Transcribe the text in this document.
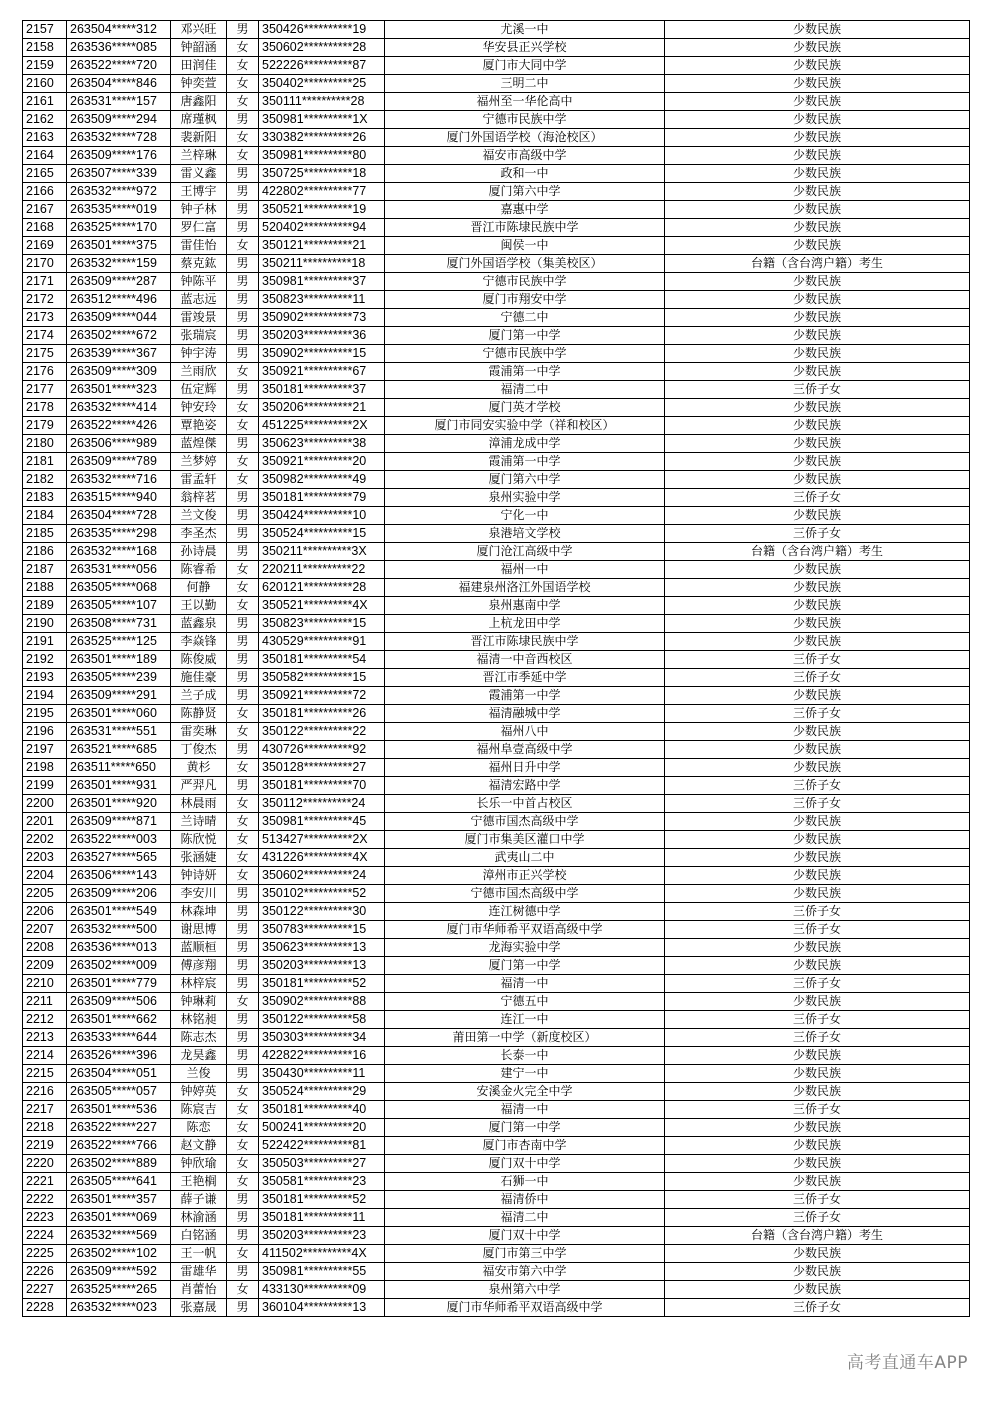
2157	263504*****312	邓兴旺	男	350426**********19	尤溪一中	少数民族
2158	263536*****085	钟韶涵	女	350602**********28	华安县正兴学校	少数民族
2159	263522*****720	田润佳	女	522226**********87	厦门市大同中学	少数民族
2160	263504*****846	钟奕萱	女	350402**********25	三明二中	少数民族
2161	263531*****157	唐鑫阳	女	350111**********28	福州至一华伦高中	少数民族
2162	263509*****294	席瑾枫	男	350981**********1X	宁德市民族中学	少数民族
2163	263532*****728	裴新阳	女	330382**********26	厦门外国语学校（海沧校区）	少数民族
2164	263509*****176	兰梓琳	女	350981**********80	福安市高级中学	少数民族
2165	263507*****339	雷义鑫	男	350725**********18	政和一中	少数民族
2166	263532*****972	王博宇	男	422802**********77	厦门第六中学	少数民族
2167	263535*****019	钟子林	男	350521**********19	嘉惠中学	少数民族
2168	263525*****170	罗仁富	男	520402**********94	晋江市陈埭民族中学	少数民族
2169	263501*****375	雷佳怡	女	350121**********21	闽侯一中	少数民族
2170	263532*****159	蔡克鈜	男	350211**********18	厦门外国语学校（集美校区）	台籍（含台湾户籍）考生
2171	263509*****287	钟陈平	男	350981**********37	宁德市民族中学	少数民族
2172	263512*****496	蓝志远	男	350823**********11	厦门市翔安中学	少数民族
2173	263509*****044	雷竣景	男	350902**********73	宁德二中	少数民族
2174	263502*****672	张瑞宸	男	350203**********36	厦门第一中学	少数民族
2175	263539*****367	钟宇涛	男	350902**********15	宁德市民族中学	少数民族
2176	263509*****309	兰雨欣	女	350921**********67	霞浦第一中学	少数民族
2177	263501*****323	伍定辉	男	350181**********37	福清二中	三侨子女
2178	263532*****414	钟安玲	女	350206**********21	厦门英才学校	少数民族
2179	263522*****426	覃艳姿	女	451225**********2X	厦门市同安实验中学（祥和校区）	少数民族
2180	263506*****989	蓝煌傑	男	350623**********38	漳浦龙成中学	少数民族
2181	263509*****789	兰梦婷	女	350921**********20	霞浦第一中学	少数民族
2182	263532*****716	雷孟轩	女	350982**********49	厦门第六中学	少数民族
2183	263515*****940	翁梓茗	男	350181**********79	泉州实验中学	三侨子女
2184	263504*****728	兰文俊	男	350424**********10	宁化一中	少数民族
2185	263535*****298	李圣杰	男	350524**********15	泉港培文学校	三侨子女
2186	263532*****168	孙诗晨	男	350211**********3X	厦门沧江高级中学	台籍（含台湾户籍）考生
2187	263531*****056	陈睿希	女	220211**********22	福州一中	少数民族
2188	263505*****068	何静	女	620121**********28	福建泉州洛江外国语学校	少数民族
2189	263505*****107	王以勤	女	350521**********4X	泉州惠南中学	少数民族
2190	263508*****731	蓝鑫泉	男	350823**********15	上杭龙田中学	少数民族
2191	263525*****125	李焱锋	男	430529**********91	晋江市陈埭民族中学	少数民族
2192	263501*****189	陈俊威	男	350181**********54	福清一中音西校区	三侨子女
2193	263505*****239	施佳豪	男	350582**********15	晋江市季延中学	三侨子女
2194	263509*****291	兰子成	男	350921**********72	霞浦第一中学	少数民族
2195	263501*****060	陈静贤	女	350181**********26	福清融城中学	三侨子女
2196	263531*****551	雷奕琳	女	350122**********22	福州八中	少数民族
2197	263521*****685	丁俊杰	男	430726**********92	福州阜壹高级中学	少数民族
2198	263511*****650	黄杉	女	350128**********27	福州日升中学	少数民族
2199	263501*****931	严羿凡	男	350181**********70	福清宏路中学	三侨子女
2200	263501*****920	林晨雨	女	350112**********24	长乐一中首占校区	三侨子女
2201	263509*****871	兰诗晴	女	350981**********45	宁德市国杰高级中学	少数民族
2202	263522*****003	陈欣悦	女	513427**********2X	厦门市集美区灌口中学	少数民族
2203	263527*****565	张涵婕	女	431226**********4X	武夷山二中	少数民族
2204	263506*****143	钟诗妍	女	350602**********24	漳州市正兴学校	少数民族
2205	263509*****206	李安川	男	350102**********52	宁德市国杰高级中学	少数民族
2206	263501*****549	林森坤	男	350122**********30	连江树德中学	三侨子女
2207	263532*****500	谢思博	男	350783**********15	厦门市华师希平双语高级中学	三侨子女
2208	263536*****013	蓝顺桓	男	350623**********13	龙海实验中学	少数民族
2209	263502*****009	傅彦翔	男	350203**********13	厦门第一中学	少数民族
2210	263501*****779	林梓宸	男	350181**********52	福清一中	三侨子女
2211	263509*****506	钟琳莉	女	350902**********88	宁德五中	少数民族
2212	263501*****662	林铭昶	男	350122**********58	连江一中	三侨子女
2213	263533*****644	陈志杰	男	350303**********34	莆田第一中学（新度校区）	三侨子女
2214	263526*****396	龙昊鑫	男	422822**********16	长泰一中	少数民族
2215	263504*****051	兰俊	男	350430**********11	建宁一中	少数民族
2216	263505*****057	钟婷英	女	350524**********29	安溪金火完全中学	少数民族
2217	263501*****536	陈宸吉	女	350181**********40	福清一中	三侨子女
2218	263522*****227	陈恋	女	500241**********20	厦门第一中学	少数民族
2219	263522*****766	赵文静	女	522422**********81	厦门市杏南中学	少数民族
2220	263502*****889	钟欣瑜	女	350503**********27	厦门双十中学	少数民族
2221	263505*****641	王艳榈	女	350581**********23	石狮一中	少数民族
2222	263501*****357	薛子谦	男	350181**********52	福清侨中	三侨子女
2223	263501*****069	林渝涵	男	350181**********11	福清二中	三侨子女
2224	263532*****569	白铭涵	男	350203**********23	厦门双十中学	台籍（含台湾户籍）考生
2225	263502*****102	王一帆	女	411502**********4X	厦门市第三中学	少数民族
2226	263509*****592	雷雄华	男	350981**********55	福安市第六中学	少数民族
2227	263525*****265	肖蕾怡	女	433130**********09	泉州第六中学	少数民族
2228	263532*****023	张嘉晟	男	360104**********13	厦门市华师希平双语高级中学	三侨子女
高考直通车APP
